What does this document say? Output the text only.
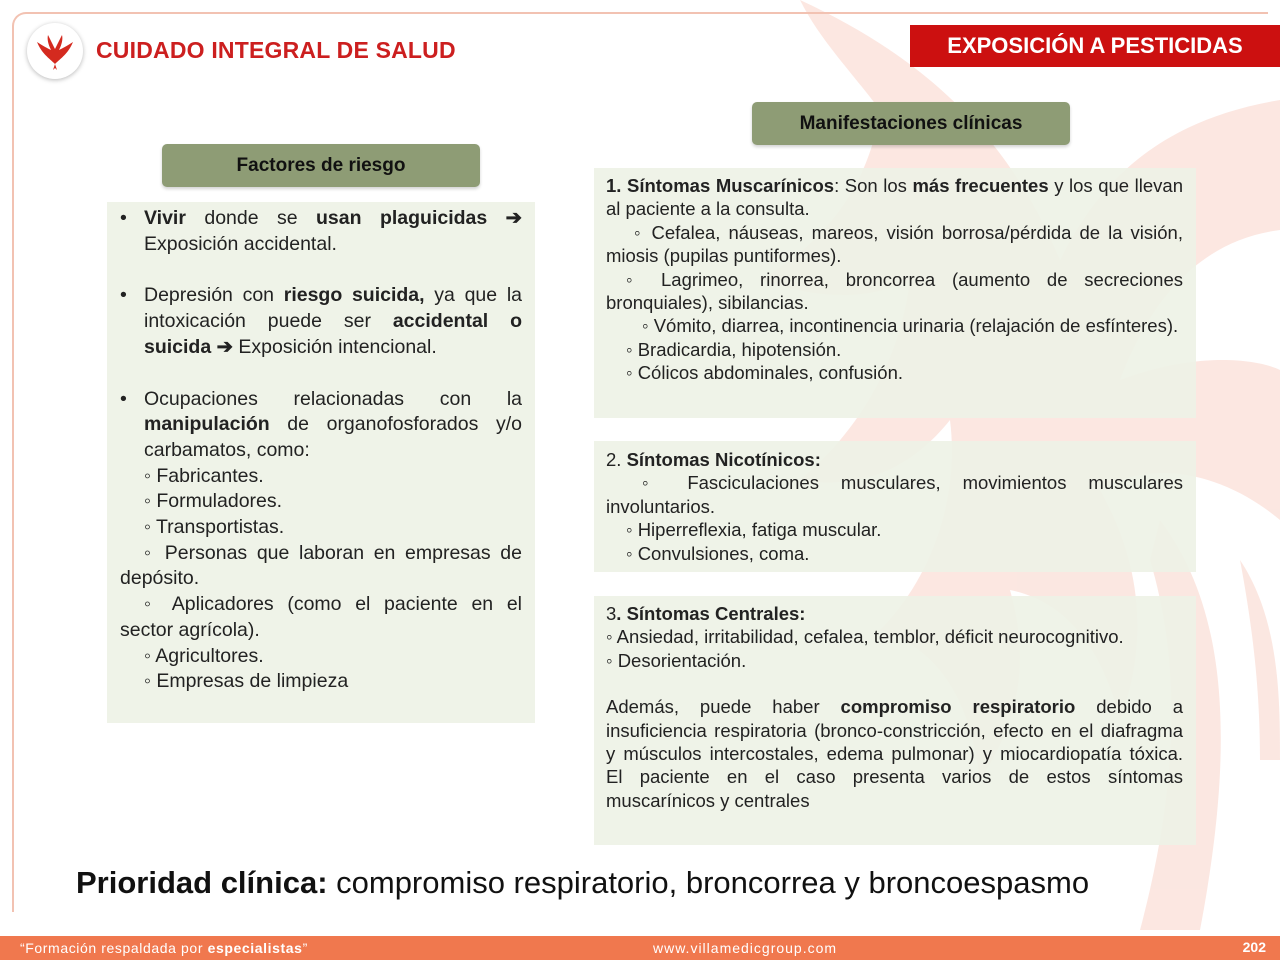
CUIDADO INTEGRAL DE SALUD	EXPOSICIÓN A PESTICIDAS
Factores de riesgo
Manifestaciones clínicas
• Vivir donde se usan plaguicidas ➔ Exposición accidental.
• Depresión con riesgo suicida, ya que la intoxicación puede ser accidental o suicida ➔ Exposición intencional.
• Ocupaciones relacionadas con la manipulación de organofosforados y/o carbamatos, como:
◦ Fabricantes.
◦ Formuladores.
◦ Transportistas.
◦ Personas que laboran en empresas de depósito.
◦ Aplicadores (como el paciente en el sector agrícola).
◦ Agricultores.
◦ Empresas de limpieza
1. Síntomas Muscarínicos: Son los más frecuentes y los que llevan al paciente a la consulta.
◦ Cefalea, náuseas, mareos, visión borrosa/pérdida de la visión, miosis (pupilas puntiformes).
◦ Lagrimeo, rinorrea, broncorrea (aumento de secreciones bronquiales), sibilancias.
◦ Vómito, diarrea, incontinencia urinaria (relajación de esfínteres).
◦ Bradicardia, hipotensión.
◦ Cólicos abdominales, confusión.
2. Síntomas Nicotínicos:
◦ Fasciculaciones musculares, movimientos musculares involuntarios.
◦ Hiperreflexia, fatiga muscular.
◦ Convulsiones, coma.
3. Síntomas Centrales:
◦ Ansiedad, irritabilidad, cefalea, temblor, déficit neurocognitivo.
◦ Desorientación.
Además, puede haber compromiso respiratorio debido a insuficiencia respiratoria (bronco-constricción, efecto en el diafragma y músculos intercostales, edema pulmonar) y miocardiopatía tóxica. El paciente en el caso presenta varios de estos síntomas muscarínicos y centrales
Prioridad clínica: compromiso respiratorio, broncorrea y broncoespasmo
“Formación respaldada por especialistas”	www.villamedicgroup.com	202
